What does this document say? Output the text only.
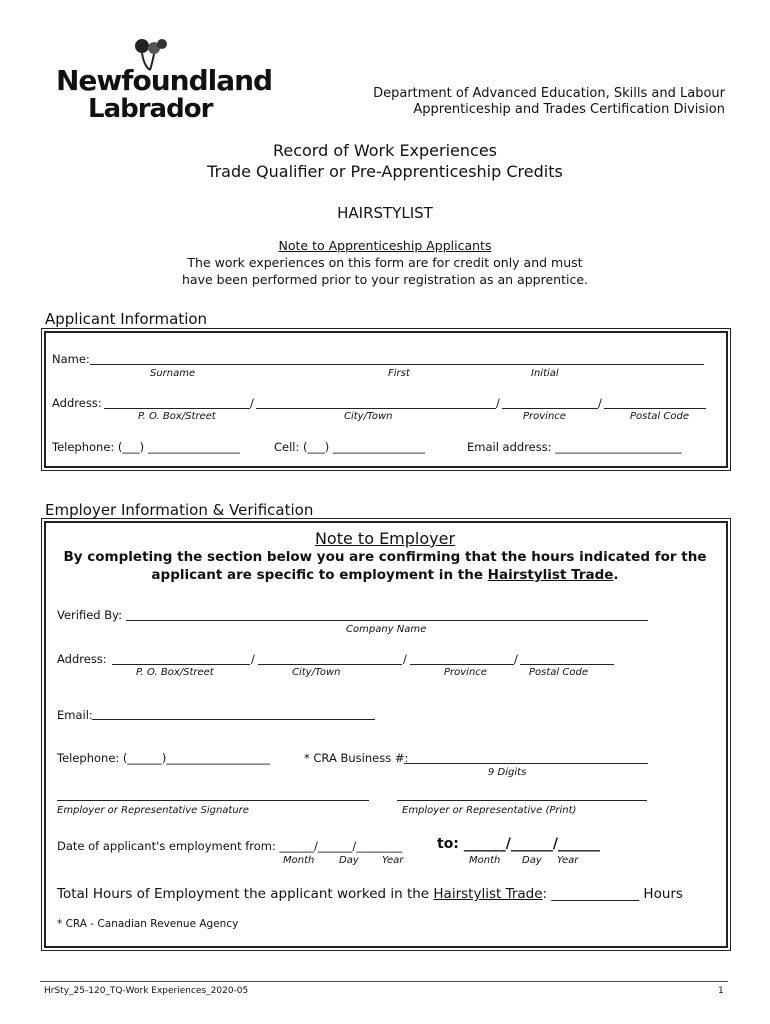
Newfoundland
Labrador
Department of Advanced Education, Skills and Labour
Apprenticeship and Trades Certification Division
Record of Work Experiences
Trade Qualifier or Pre-Apprenticeship Credits
HAIRSTYLIST
Note to Apprenticeship Applicants
The work experiences on this form are for credit only and must
have been performed prior to your registration as an apprentice.
Applicant Information
Name:
Surname	First	Initial
Address:	/	/	/
P. O. Box/Street	City/Town	Province	Postal Code
Telephone: (___) ________________	Cell: (___) ________________	Email address: ______________________
Employer Information & Verification
Note to Employer
By completing the section below you are confirming that the hours indicated for the
applicant are specific to employment in the Hairstylist Trade.
Verified By:
Company Name
Address:	/	/	/
P. O. Box/Street	City/Town	Province	Postal Code
Email:
Telephone: (______)__________________	* CRA Business #:
9 Digits
Employer or Representative Signature	Employer or Representative (Print)
Date of applicant's employment from: ______/______/________ to: ______/______/______
Month Day Year	Month Day Year
Total Hours of Employment the applicant worked in the Hairstylist Trade: _____________ Hours
* CRA - Canadian Revenue Agency
HrSty_25-120_TQ-Work Experiences_2020-05	1
